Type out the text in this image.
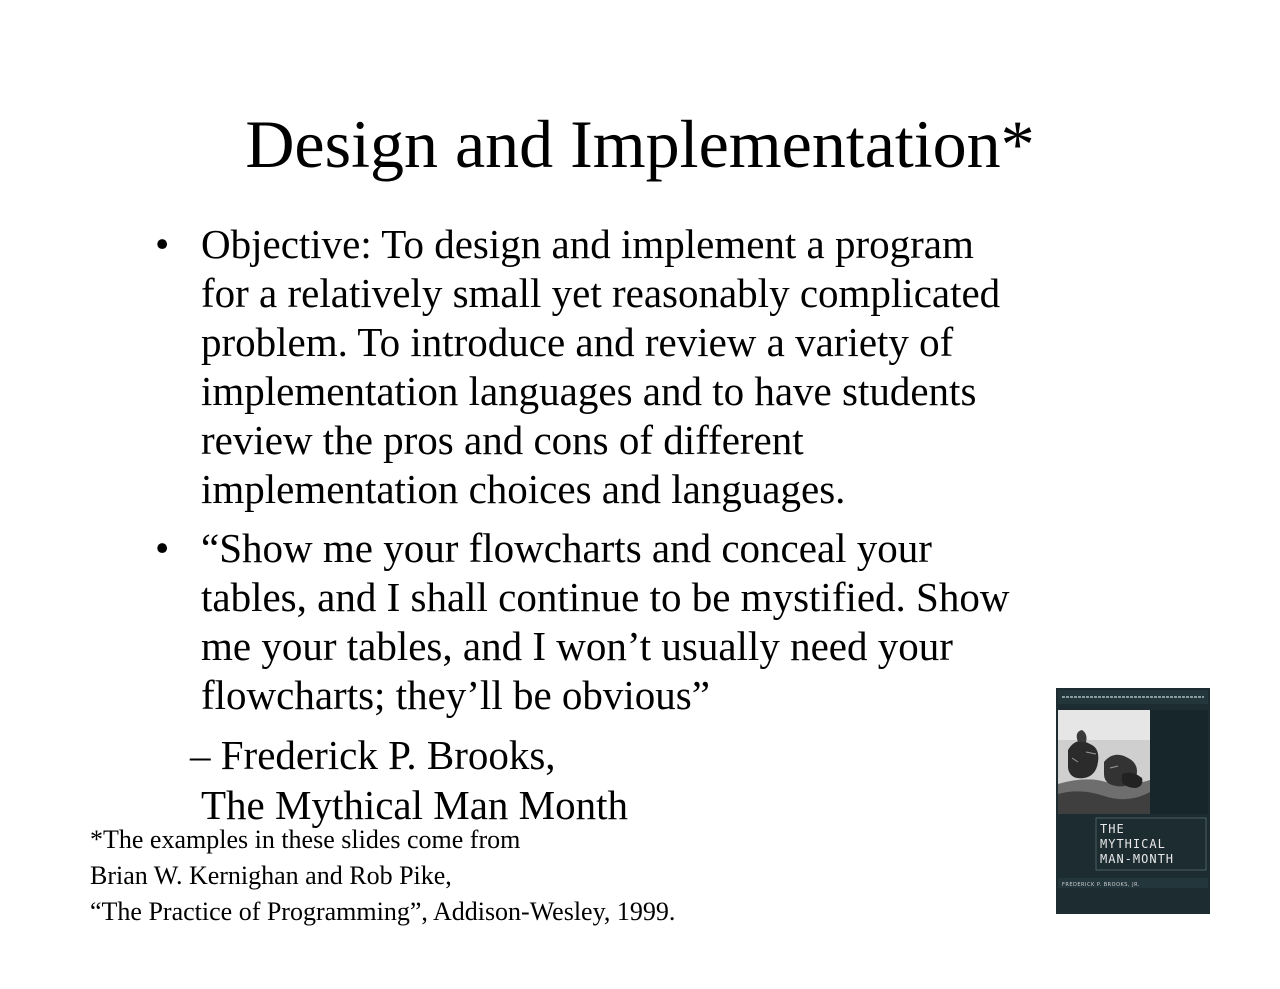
Design and Implementation*
• Objective: To design and implement a program
for a relatively small yet reasonably complicated
problem. To introduce and review a variety of
implementation languages and to have students
review the pros and cons of different
implementation choices and languages.
• “Show me your flowcharts and conceal your
tables, and I shall continue to be mystified. Show
me your tables, and I won’t usually need your
flowcharts; they’ll be obvious”
– Frederick P. Brooks,
The Mythical Man Month
*The examples in these slides come from
Brian W. Kernighan and Rob Pike,
“The Practice of Programming”, Addison-Wesley, 1999.
THE
MYTHICAL
MAN-MONTH
FREDERICK P. BROOKS, JR.
